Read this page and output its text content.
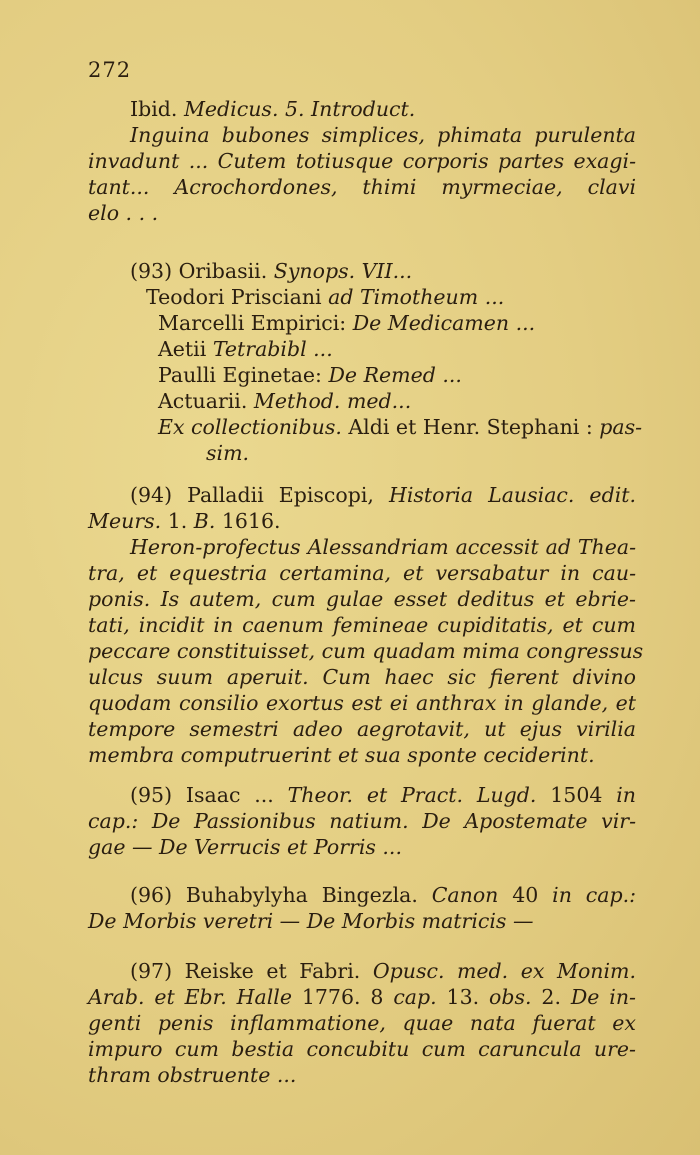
272
Ibid. Medicus. 5. Introduct.
Inguina bubones simplices, phimata purulenta
invadunt ... Cutem totiusque corporis partes exagi-
tant... Acrochordones, thimi myrmeciae, clavi
elo . . .
(93) Oribasii. Synops. VII...
Teodori Prisciani ad Timotheum ...
Marcelli Empirici: De Medicamen ...
Aetii Tetrabibl ...
Paulli Eginetae: De Remed ...
Actuarii. Method. med...
Ex collectionibus. Aldi et Henr. Stephani : pas-
sim.
(94) Palladii Episcopi, Historia Lausiac. edit.
Meurs. 1. B. 1616.
Heron-profectus Alessandriam accessit ad Thea-
tra, et equestria certamina, et versabatur in cau-
ponis. Is autem, cum gulae esset deditus et ebrie-
tati, incidit in caenum femineae cupiditatis, et cum
peccare constituisset, cum quadam mima congressus
ulcus suum aperuit. Cum haec sic fierent divino
quodam consilio exortus est ei anthrax in glande, et
tempore semestri adeo aegrotavit, ut ejus virilia
membra computruerint et sua sponte ceciderint.
(95) Isaac ... Theor. et Pract. Lugd. 1504 in
cap.: De Passionibus natium. De Apostemate vir-
gae — De Verrucis et Porris ...
(96) Buhabylyha Bingezla. Canon 40 in cap.:
De Morbis veretri — De Morbis matricis —
(97) Reiske et Fabri. Opusc. med. ex Monim.
Arab. et Ebr. Halle 1776. 8 cap. 13. obs. 2. De in-
genti penis inflammatione, quae nata fuerat ex
impuro cum bestia concubitu cum caruncula ure-
thram obstruente ...
